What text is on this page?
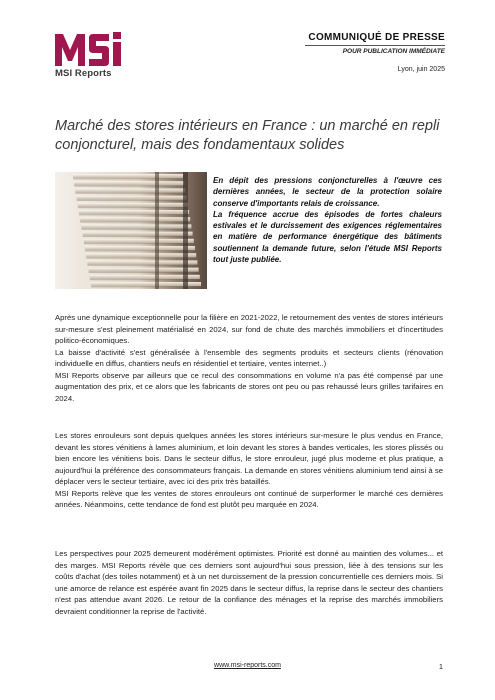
MSI Reports
COMMUNIQUÉ DE PRESSE
POUR PUBLICATION IMMÉDIATE
Lyon, juin 2025
Marché des stores intérieurs en France : un marché en repli conjoncturel, mais des fondamentaux solides

En dépit des pressions conjoncturelles à l'œuvre ces dernières années, le secteur de la protection solaire conserve d'importants relais de croissance.

La fréquence accrue des épisodes de fortes chaleurs estivales et le durcissement des exigences réglementaires en matière de performance énergétique des bâtiments soutiennent la demande future, selon l'étude MSI Reports tout juste publiée.

Après une dynamique exceptionnelle pour la filière en 2021-2022, le retournement des ventes de stores intérieurs sur-mesure s'est pleinement matérialisé en 2024, sur fond de chute des marchés immobiliers et d'incertitudes politico-économiques.

La baisse d'activité s'est généralisée à l'ensemble des segments produits et secteurs clients (rénovation individuelle en diffus, chantiers neufs en résidentiel et tertiaire, ventes internet..)

MSI Reports observe par ailleurs que ce recul des consommations en volume n'a pas été compensé par une augmentation des prix, et ce alors que les fabricants de stores ont peu ou pas rehaussé leurs grilles tarifaires en 2024.

Les stores enrouleurs sont depuis quelques années les stores intérieurs sur-mesure le plus vendus en France, devant les stores vénitiens à lames aluminium, et loin devant les stores à bandes verticales, les stores plissés ou bien encore les vénitiens bois. Dans le secteur diffus, le store enrouleur, jugé plus moderne et plus pratique, a aujourd'hui la préférence des consommateurs français. La demande en stores vénitiens aluminium tend ainsi à se déplacer vers le secteur tertiaire, avec ici des prix très bataillés.

MSI Reports relève que les ventes de stores enrouleurs ont continué de surperformer le marché ces dernières années. Néanmoins, cette tendance de fond est plutôt peu marquée en 2024.

Les perspectives pour 2025 demeurent modérément optimistes. Priorité est donné au maintien des volumes... et des marges. MSI Reports révèle que ces derniers sont aujourd'hui sous pression, liée à des tensions sur les coûts d'achat (des toiles notamment) et à un net durcissement de la pression concurrentielle ces derniers mois. Si une amorce de relance est espérée avant fin 2025 dans le secteur diffus, la reprise dans le secteur des chantiers n'est pas attendue avant 2026. Le retour de la confiance des ménages et la reprise des marchés immobiliers devraient conditionner la reprise de l'activité.

www.msi-reports.com	1
